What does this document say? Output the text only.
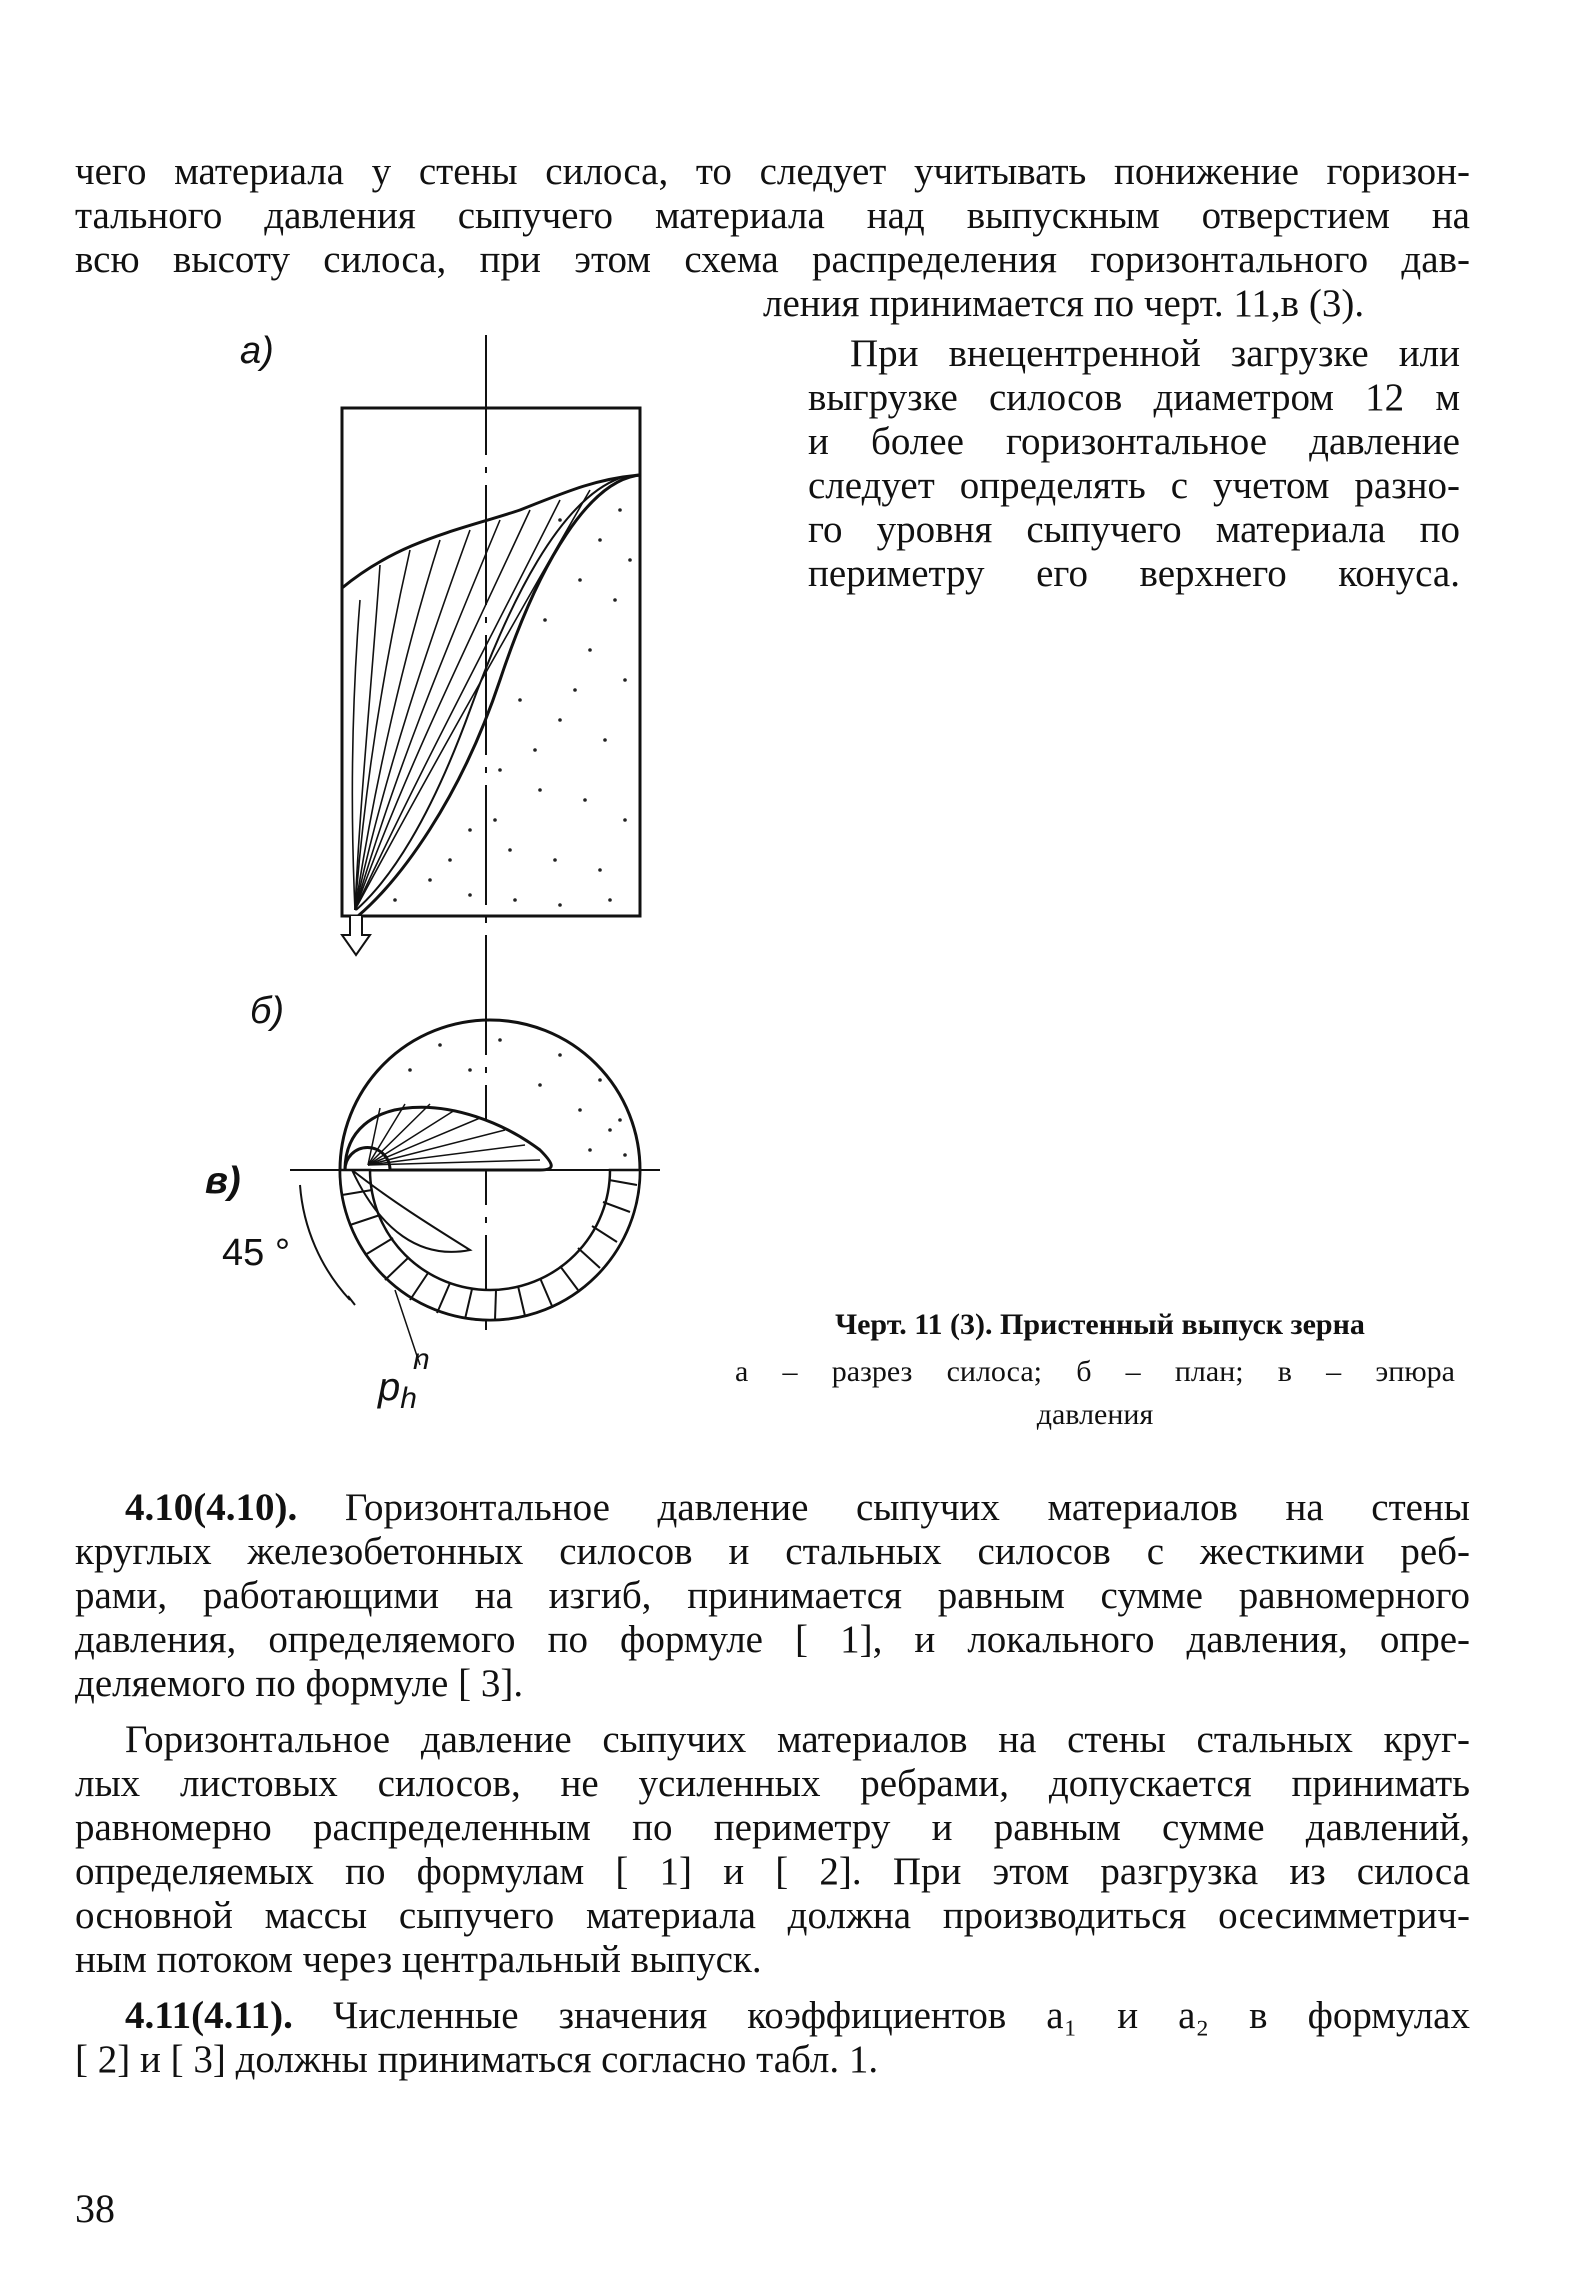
чего материала у стены силоса, то следует учитывать понижение горизон-
тального давления сыпучего материала над выпускным отверстием на
всю высоту силоса, при этом схема распределения горизонтального дав-
ления принимается по черт. 11,в (3).
При внецентренной загрузке или
выгрузке силосов диаметром 12 м
и более горизонтальное давление
следует определять с учетом разно-
го уровня сыпучего материала по
периметру его верхнего конуса.
а)
б)
в)
45 °
$p_h$
n
Черт. 11 (3). Пристенный выпуск зерна
а – разрез силоса; б – план; в – эпюра
давления
4.10(4.10). Горизонтальное давление сыпучих материалов на стены
круглых железобетонных силосов и стальных силосов с жесткими реб-
рами, работающими на изгиб, принимается равным сумме равномерного
давления, определяемого по формуле [ 1], и локального давления, опре-
деляемого по формуле [ 3].
Горизонтальное давление сыпучих материалов на стены стальных круг-
лых листовых силосов, не усиленных ребрами, допускается принимать
равномерно распределенным по периметру и равным сумме давлений,
определяемых по формулам [ 1] и [ 2]. При этом разгрузка из силоса
основной массы сыпучего материала должна производиться осесимметрич-
ным потоком через центральный выпуск.
4.11(4.11). Численные значения коэффициентов а₁ и а₂ в формулах
[ 2] и [ 3] должны приниматься согласно табл. 1.
38
